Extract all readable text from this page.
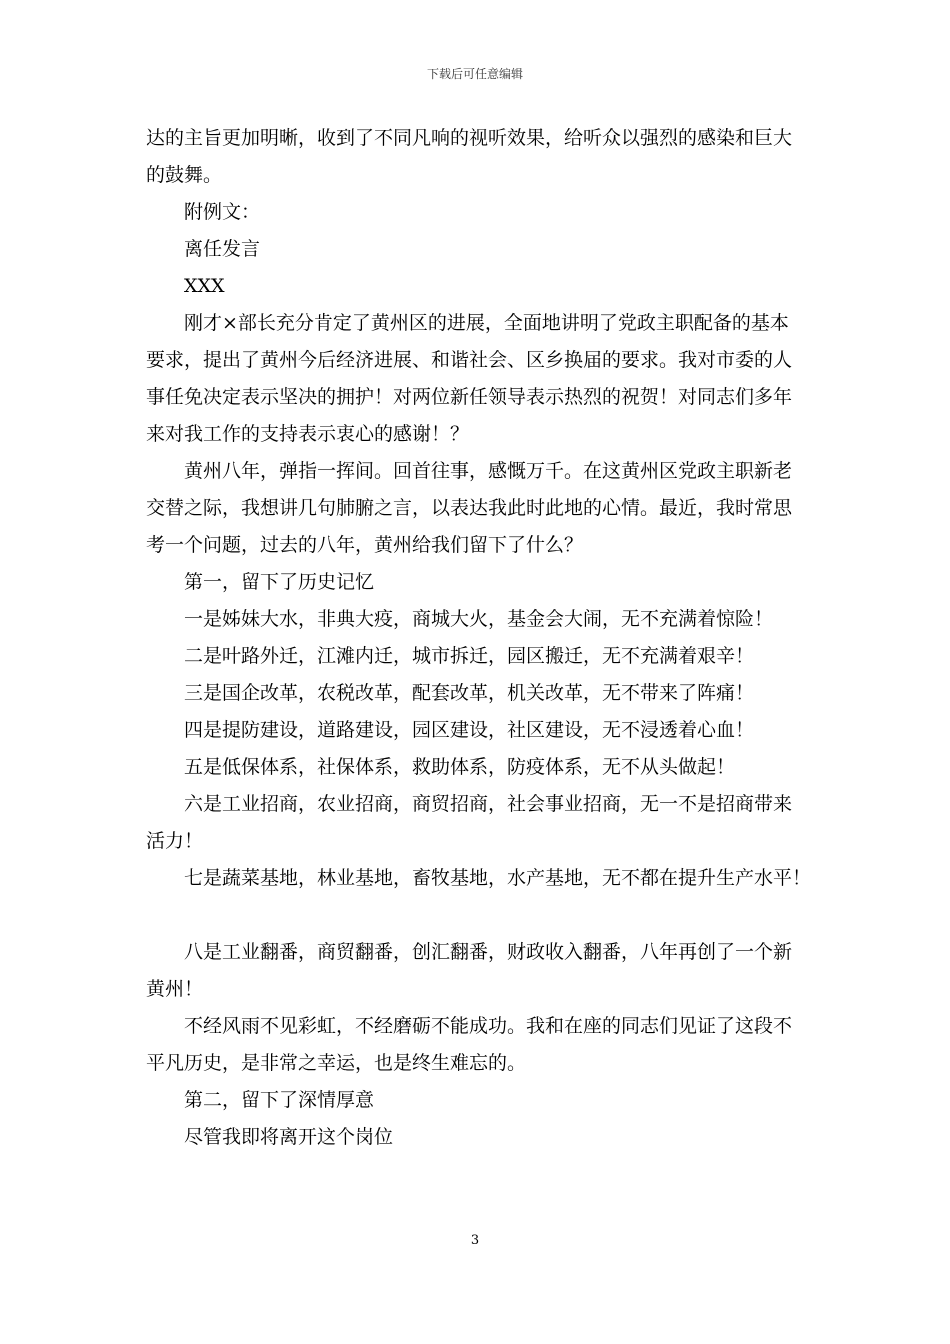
下载后可任意编辑

达的主旨更加明晰，收到了不同凡响的视听效果，给听众以强烈的感染和巨大
的鼓舞。

附例文：

离任发言

XXX

刚才×部长充分肯定了黄州区的进展，全面地讲明了党政主职配备的基本

要求，提出了黄州今后经济进展、和谐社会、区乡换届的要求。我对市委的人
事任免决定表示坚决的拥护！对两位新任领导表示热烈的祝贺！对同志们多年
来对我工作的支持表示衷心的感谢！？

黄州八年，弹指一挥间。回首往事，感慨万千。在这黄州区党政主职新老

交替之际，我想讲几句肺腑之言，以表达我此时此地的心情。最近，我时常思
考一个问题，过去的八年，黄州给我们留下了什么？

第一，留下了历史记忆

一是姊妹大水，非典大疫，商城大火，基金会大闹，无不充满着惊险！

二是叶路外迁，江滩内迁，城市拆迁，园区搬迁，无不充满着艰辛！

三是国企改革，农税改革，配套改革，机关改革，无不带来了阵痛！

四是提防建设，道路建设，园区建设，社区建设，无不浸透着心血！

五是低保体系，社保体系，救助体系，防疫体系，无不从头做起！

六是工业招商，农业招商，商贸招商，社会事业招商，无一不是招商带来

活力！

七是蔬菜基地，林业基地，畜牧基地，水产基地，无不都在提升生产水平！

八是工业翻番，商贸翻番，创汇翻番，财政收入翻番，八年再创了一个新

黄州！

不经风雨不见彩虹，不经磨砺不能成功。我和在座的同志们见证了这段不

平凡历史，是非常之幸运，也是终生难忘的。

第二，留下了深情厚意

尽管我即将离开这个岗位

3
